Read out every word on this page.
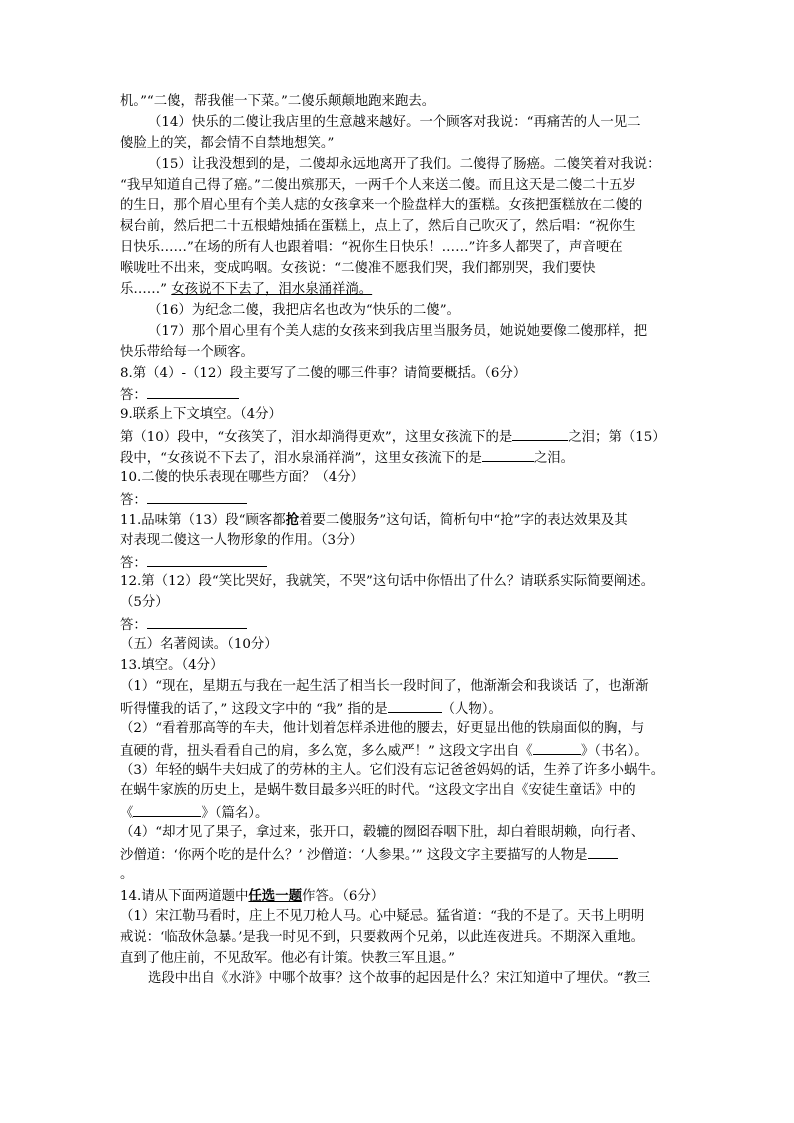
机。”“二傻，帮我催一下菜。”二傻乐颠颠地跑来跑去。
（14）快乐的二傻让我店里的生意越来越好。一个顾客对我说：“再痛苦的人一见二
傻脸上的笑，都会情不自禁地想笑。”
（15）让我没想到的是，二傻却永远地离开了我们。二傻得了肠癌。二傻笑着对我说：
“我早知道自己得了癌。”二傻出殡那天，一两千个人来送二傻。而且这天是二傻二十五岁
的生日，那个眉心里有个美人痣的女孩拿来一个脸盘样大的蛋糕。女孩把蛋糕放在二傻的
棂台前，然后把二十五根蜡烛插在蛋糕上，点上了，然后自己吹灭了，然后唱：“祝你生
日快乐……”在场的所有人也跟着唱：“祝你生日快乐！……”许多人都哭了，声音哽在
喉咙吐不出来，变成呜咽。女孩说：“二傻准不愿我们哭，我们都别哭，我们要快
乐……” 女孩说不下去了，泪水泉涌祥淌。
（16）为纪念二傻，我把店名也改为“快乐的二傻”。
（17）那个眉心里有个美人痣的女孩来到我店里当服务员，她说她要像二傻那样，把
快乐带给每一个顾客。
8.第（4）-（12）段主要写了二傻的哪三件事？请简要概括。（6分）
答：
9.联系上下文填空。（4分）
第（10）段中，“女孩笑了，泪水却淌得更欢”，这里女孩流下的是	之泪；第（15）
段中，“女孩说不下去了，泪水泉涌祥淌”，这里女孩流下的是	之泪。
10.二傻的快乐表现在哪些方面？（4分）
答：
11.品味第（13）段“顾客都抢着要二傻服务”这句话，简析句中“抢”字的表达效果及其
对表现二傻这一人物形象的作用。（3分）
答：
12.第（12）段“笑比哭好，我就笑，不哭”这句话中你悟出了什么？请联系实际简要阐述。
（5分）
答：
（五）名著阅读。（10分）
13.填空。（4分）
（1）“现在，星期五与我在一起生活了相当长一段时间了，他渐渐会和我谈话 了，也渐渐
听得懂我的话了，” 这段文字中的 “我” 指的是	（人物）。
（2）“看着那高等的车夫，他计划着怎样杀进他的腰去，好更显出他的铁扇面似的胸，与
直硬的背，扭头看看自己的肩，多么宽，多么威严！” 这段文字出自《	》（书名）。
（3）年轻的蜗牛夫妇成了的劳林的主人。它们没有忘记爸爸妈妈的话，生养了许多小蜗牛。
在蜗牛家族的历史上，是蜗牛数目最多兴旺的时代。“这段文字出自《安徒生童话》中的
《	》（篇名）。
（4）“却才见了果子，拿过来，张开口，毂辘的囫囵吞咽下肚，却白着眼胡赖，向行者、
沙僧道：‘你两个吃的是什么？’ 沙僧道：‘人参果。’” 这段文字主要描写的人物是
。
14.请从下面两道题中任选一题作答。（6分）
（1）宋江勒马看时，庄上不见刀枪人马。心中疑忌。猛省道：“我的不是了。天书上明明
戒说：‘临敌休急暴。’是我一时见不到，只要救两个兄弟，以此连夜进兵。不期深入重地。
直到了他庄前，不见敌军。他必有计策。快教三军且退。”
选段中出自《水浒》中哪个故事？这个故事的起因是什么？宋江知道中了埋伏。“教三
